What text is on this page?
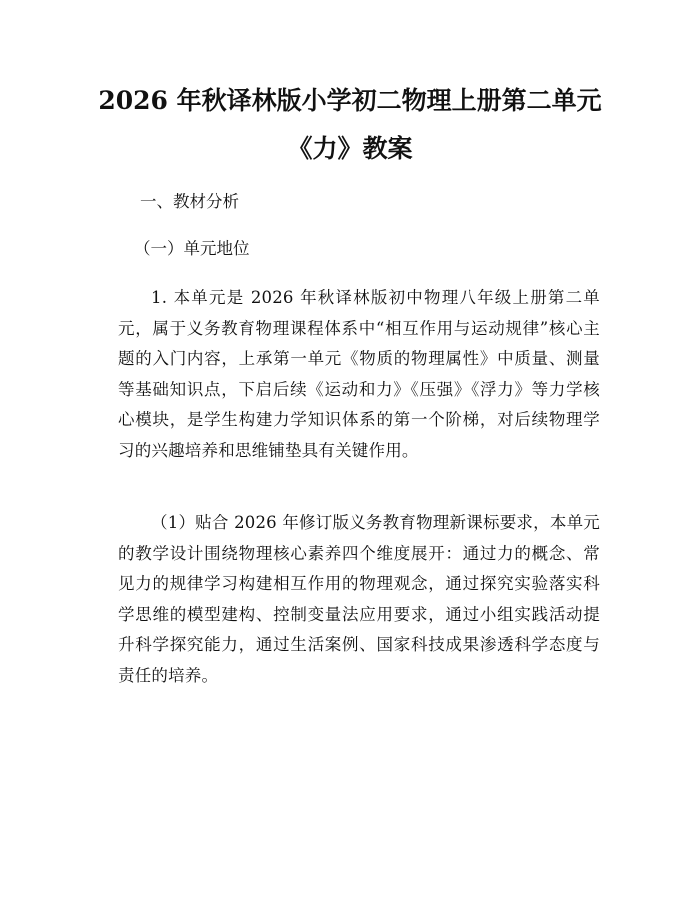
2026 年秋译林版小学初二物理上册第二单元
《力》教案
一、教材分析
（一）单元地位

1. 本单元是 2026 年秋译林版初中物理八年级上册第二单元，属于义务教育物理课程体系中“相互作用与运动规律”核心主题的入门内容，上承第一单元《物质的物理属性》中质量、测量等基础知识点，下启后续《运动和力》《压强》《浮力》等力学核心模块，是学生构建力学知识体系的第一个阶梯，对后续物理学习的兴趣培养和思维铺垫具有关键作用。

（1）贴合 2026 年修订版义务教育物理新课标要求，本单元的教学设计围绕物理核心素养四个维度展开：通过力的概念、常见力的规律学习构建相互作用的物理观念，通过探究实验落实科学思维的模型建构、控制变量法应用要求，通过小组实践活动提升科学探究能力，通过生活案例、国家科技成果渗透科学态度与责任的培养。
